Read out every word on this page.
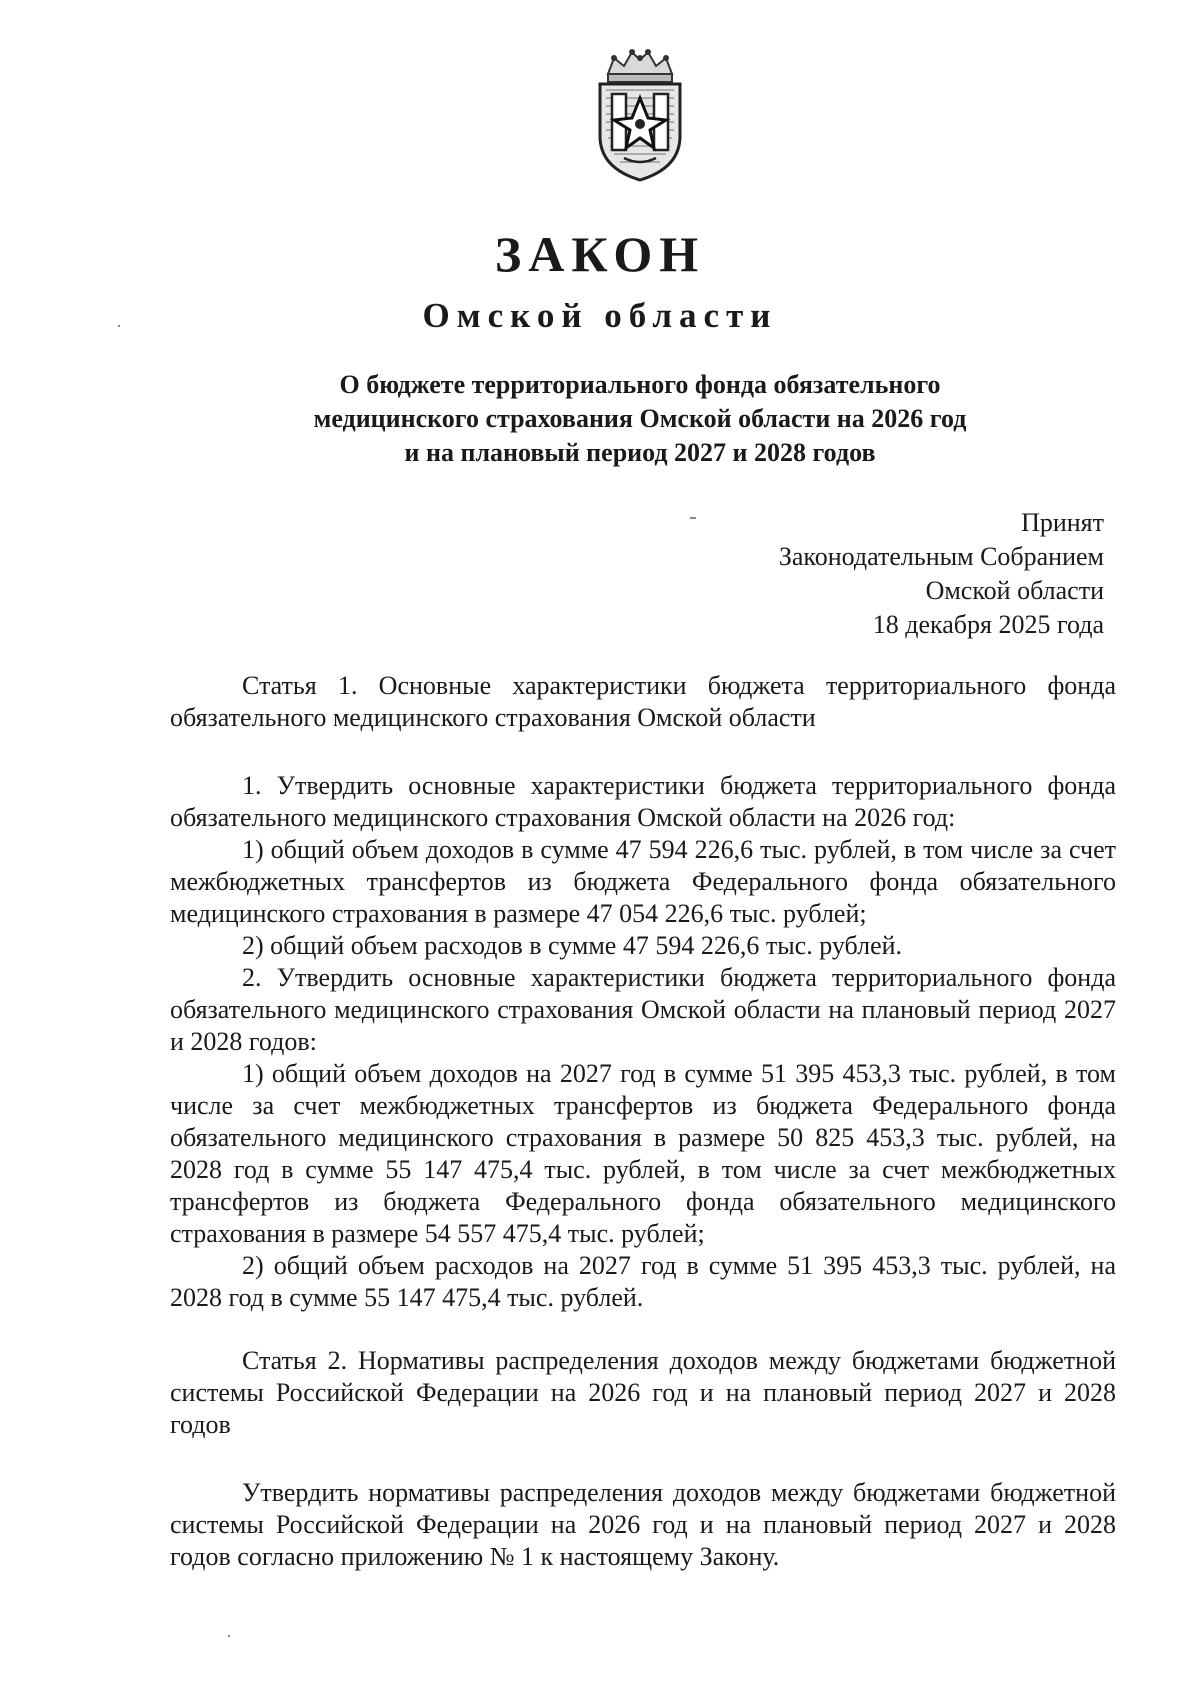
ЗАКОН
Омской области
О бюджете территориального фонда обязательного
медицинского страхования Омской области на 2026 год
и на плановый период 2027 и 2028 годов
Принят
Законодательным Собранием
Омской области
18 декабря 2025 года

Статья 1. Основные характеристики бюджета территориального фонда обязательного медицинского страхования Омской области

1. Утвердить основные характеристики бюджета территориального фонда обязательного медицинского страхования Омской области на 2026 год:

1) общий объем доходов в сумме 47 594 226,6 тыс. рублей, в том числе за счет межбюджетных трансфертов из бюджета Федерального фонда обязательного медицинского страхования в размере 47 054 226,6 тыс. рублей;

2) общий объем расходов в сумме 47 594 226,6 тыс. рублей.

2. Утвердить основные характеристики бюджета территориального фонда обязательного медицинского страхования Омской области на плановый период 2027 и 2028 годов:

1) общий объем доходов на 2027 год в сумме 51 395 453,3 тыс. рублей, в том числе за счет межбюджетных трансфертов из бюджета Федерального фонда обязательного медицинского страхования в размере 50 825 453,3 тыс. рублей, на 2028 год в сумме 55 147 475,4 тыс. рублей, в том числе за счет межбюджетных трансфертов из бюджета Федерального фонда обязательного медицинского страхования в размере 54 557 475,4 тыс. рублей;

2) общий объем расходов на 2027 год в сумме 51 395 453,3 тыс. рублей, на 2028 год в сумме 55 147 475,4 тыс. рублей.

Статья 2. Нормативы распределения доходов между бюджетами бюджетной системы Российской Федерации на 2026 год и на плановый период 2027 и 2028 годов

Утвердить нормативы распределения доходов между бюджетами бюджетной системы Российской Федерации на 2026 год и на плановый период 2027 и 2028 годов согласно приложению № 1 к настоящему Закону.
